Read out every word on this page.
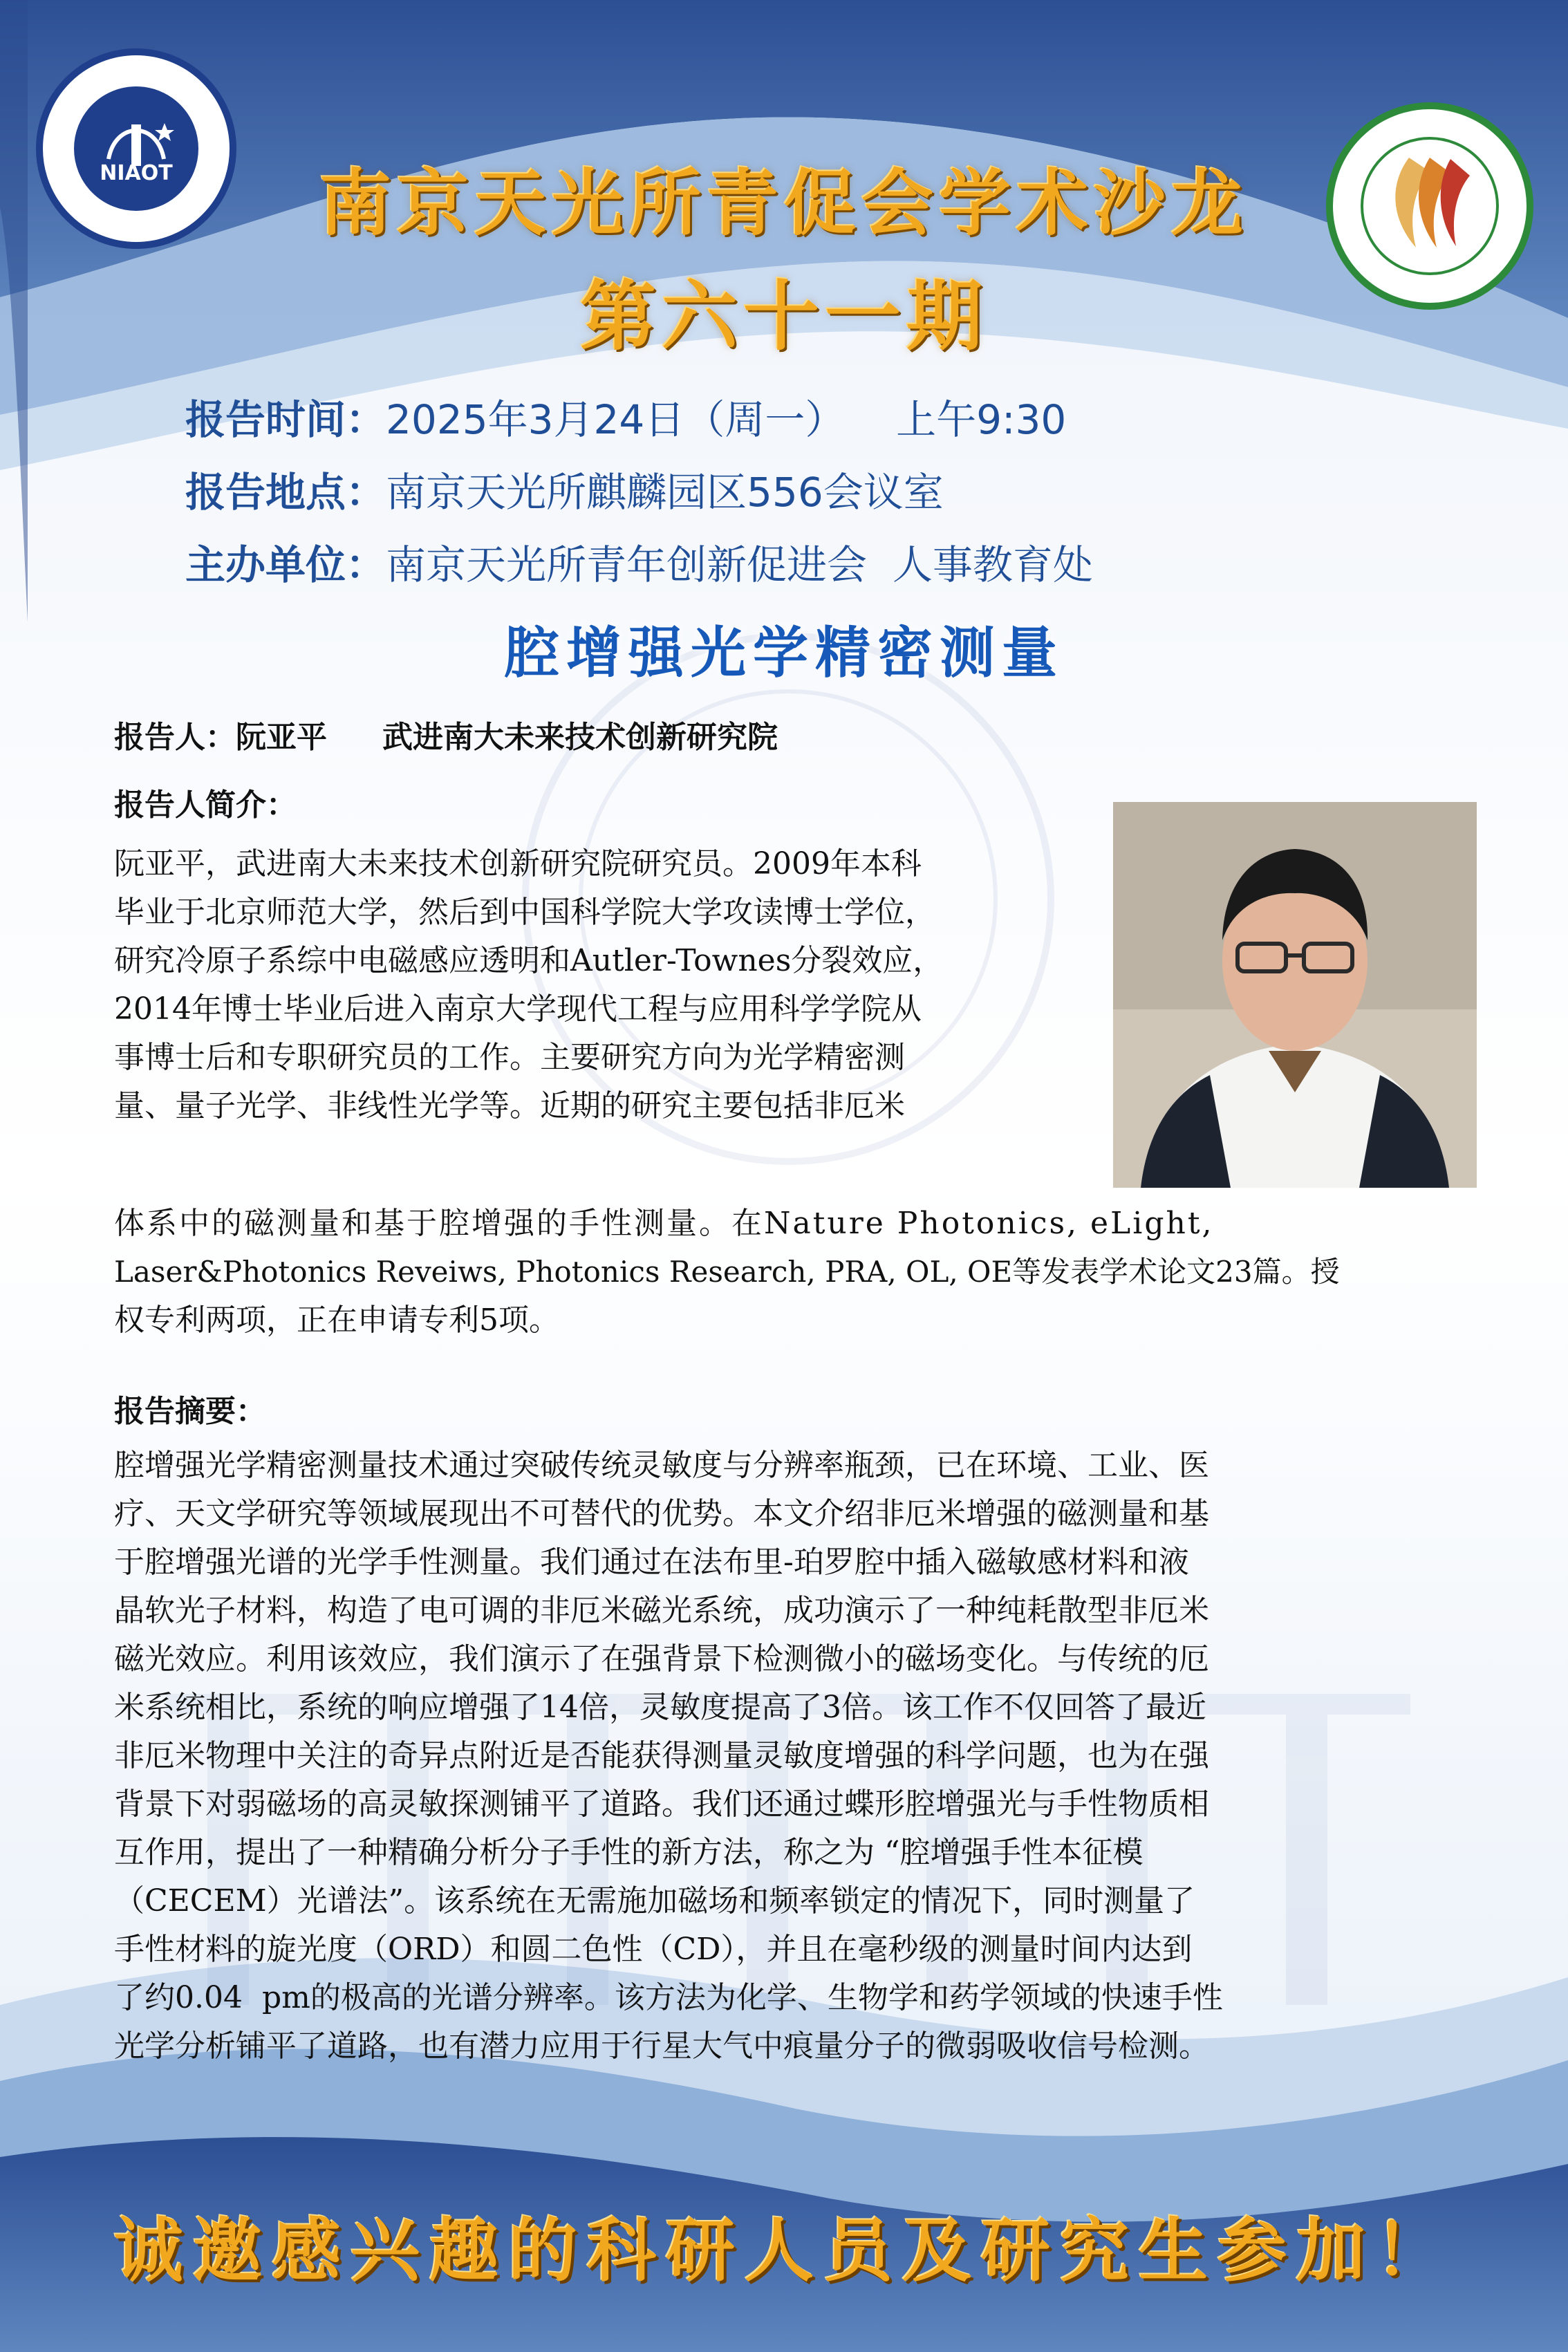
NIAOT	南京天光所青促会学术沙龙
第六十一期
报告时间：2025年3月24日（周一）    上午9:30
报告地点：南京天光所麒麟园区556会议室
主办单位：南京天光所青年创新促进会  人事教育处
腔增强光学精密测量
报告人：阮亚平 武进南大未来技术创新研究院
报告人简介：
阮亚平，武进南大未来技术创新研究院研究员。2009年本科
毕业于北京师范大学，然后到中国科学院大学攻读博士学位，
研究冷原子系综中电磁感应透明和Autler-Townes分裂效应，
2014年博士毕业后进入南京大学现代工程与应用科学学院从
事博士后和专职研究员的工作。主要研究方向为光学精密测
量、量子光学、非线性光学等。近期的研究主要包括非厄米
体系中的磁测量和基于腔增强的手性测量。在Nature Photonics, eLight,
Laser&Photonics Reveiws, Photonics Research, PRA, OL, OE等发表学术论文23篇。授
权专利两项，正在申请专利5项。
报告摘要：
腔增强光学精密测量技术通过突破传统灵敏度与分辨率瓶颈，已在环境、工业、医
疗、天文学研究等领域展现出不可替代的优势。本文介绍非厄米增强的磁测量和基
于腔增强光谱的光学手性测量。我们通过在法布里-珀罗腔中插入磁敏感材料和液
晶软光子材料，构造了电可调的非厄米磁光系统，成功演示了一种纯耗散型非厄米
磁光效应。利用该效应，我们演示了在强背景下检测微小的磁场变化。与传统的厄
米系统相比，系统的响应增强了14倍，灵敏度提高了3倍。该工作不仅回答了最近
非厄米物理中关注的奇异点附近是否能获得测量灵敏度增强的科学问题，也为在强
背景下对弱磁场的高灵敏探测铺平了道路。我们还通过蝶形腔增强光与手性物质相
互作用，提出了一种精确分析分子手性的新方法，称之为 “腔增强手性本征模
（CECEM）光谱法”。该系统在无需施加磁场和频率锁定的情况下，同时测量了
手性材料的旋光度（ORD）和圆二色性（CD），并且在毫秒级的测量时间内达到
了约0.04  pm的极高的光谱分辨率。该方法为化学、生物学和药学领域的快速手性
光学分析铺平了道路，也有潜力应用于行星大气中痕量分子的微弱吸收信号检测。
诚邀感兴趣的科研人员及研究生参加！
